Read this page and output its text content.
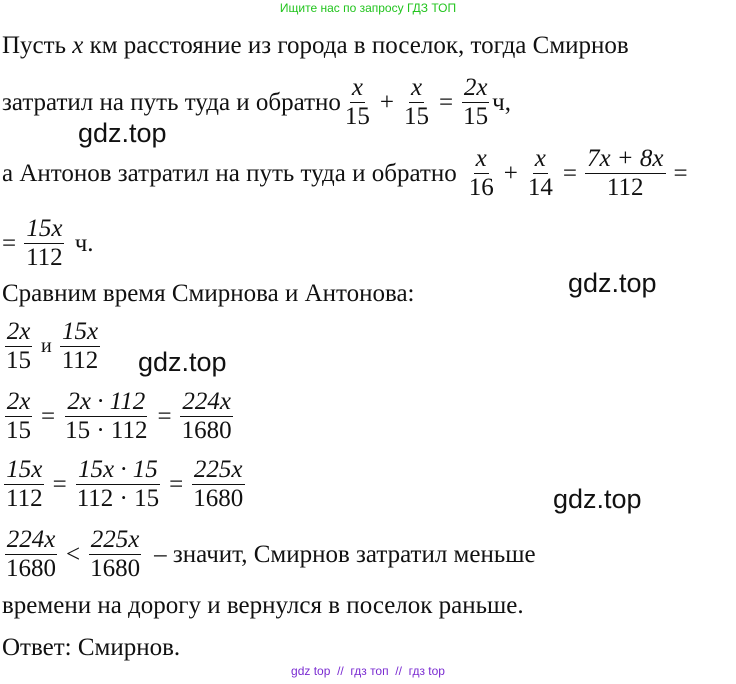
Ищите нас по запросу ГДЗ ТОП
Пусть x км расстояние из города в поселок, тогда Смирнов
затратил на путь туда и обратно $\frac{x}{15} + \frac{x}{15} = \frac{2x}{15} ч$,
а Антонов затратил на путь туда и обратно $\frac{x}{16} + \frac{x}{14} = \frac{7x + 8x}{112}$ =
= $\frac{15x}{112} ч$.
Сравним время Смирнова и Антонова:
$\frac{2x}{15}$ и $\frac{15x}{112}$
$\frac{2x}{15} = \frac{2x \cdot 112}{15 \cdot 112} = \frac{224x}{1680}$
$\frac{15x}{112} = \frac{15x \cdot 15}{112 \cdot 15} = \frac{225x}{1680}$
$\frac{224x}{1680} < \frac{225x}{1680}$ – значит, Смирнов затратил меньше
времени на дорогу и вернулся в поселок раньше.
Ответ: Смирнов.
gdz.top
gdz.top
gdz.top
gdz.top
gdz top  //  гдз топ  //  гдз top
